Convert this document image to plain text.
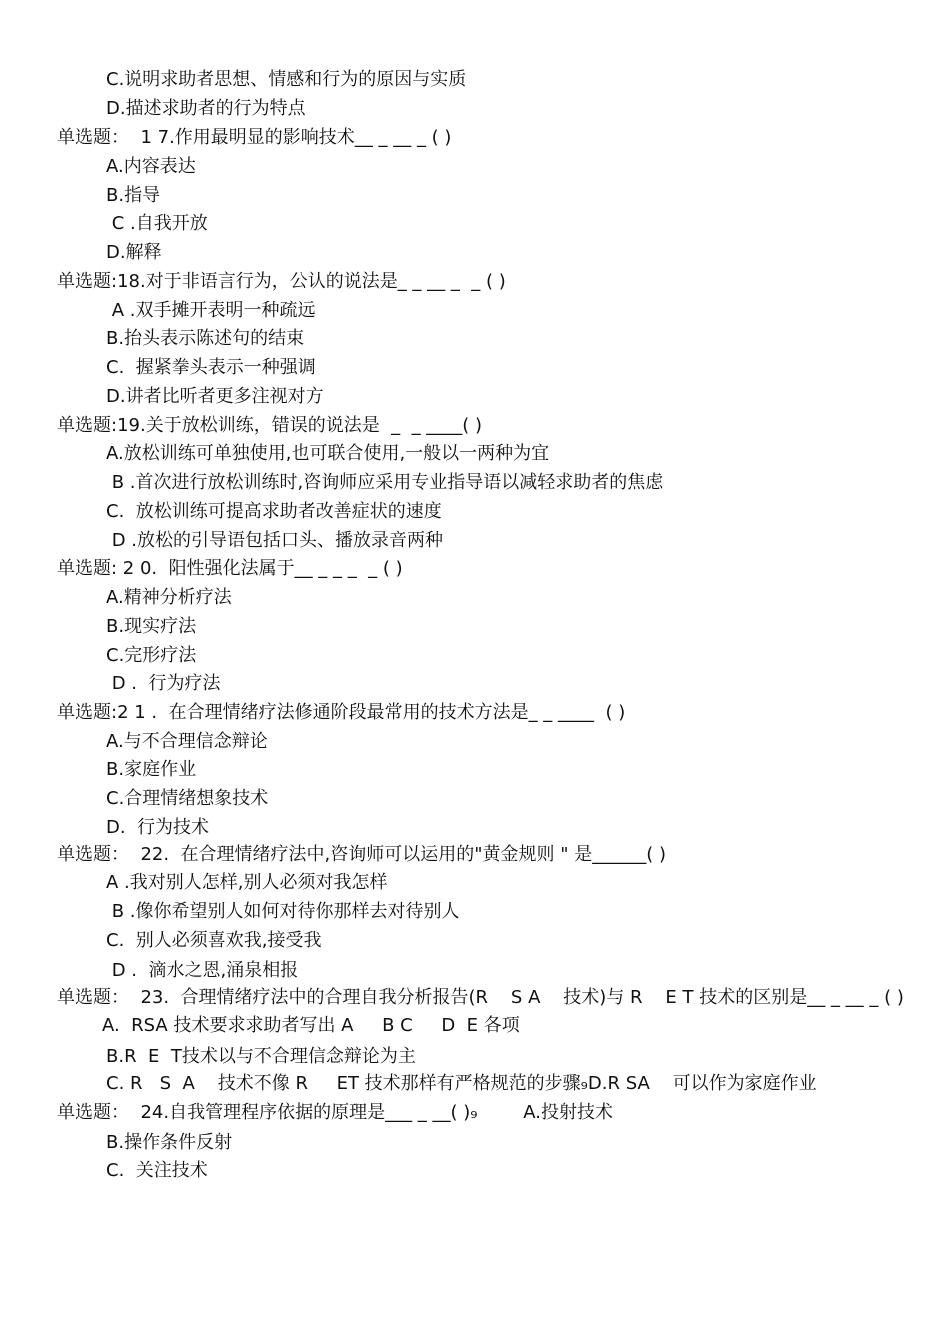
C.说明求助者思想、情感和行为的原因与实质
D.描述求助者的行为特点
单选题：  1 7.作用最明显的影响技术__ _ __ _ ( )
A.内容表达
B.指导
C .自我开放
D.解释
单选题:18.对于非语言行为，公认的说法是_ _ __ _  _ ( )
A .双手摊开表明一种疏远
B.抬头表示陈述句的结束
C.  握紧拳头表示一种强调
D.讲者比听者更多注视对方
单选题:19.关于放松训练，错误的说法是  _  _ ____( )
A.放松训练可单独使用,也可联合使用,一般以一两种为宜
B .首次进行放松训练时,咨询师应采用专业指导语以减轻求助者的焦虑
C.  放松训练可提高求助者改善症状的速度
D .放松的引导语包括口头、播放录音两种
单选题: 2 0.  阳性强化法属于__ _ _ _  _ ( )
A.精神分析疗法
B.现实疗法
C.完形疗法
D .  行为疗法
单选题:2 1 .  在合理情绪疗法修通阶段最常用的技术方法是_ _ ____  ( )
A.与不合理信念辩论
B.家庭作业
C.合理情绪想象技术
D.  行为技术
单选题：  22.  在合理情绪疗法中,咨询师可以运用的"黄金规则 " 是______( )
A .我对别人怎样,别人必须对我怎样
B .像你希望别人如何对待你那样去对待别人
C.  别人必须喜欢我,接受我
D .  滴水之恩,涌泉相报
单选题：  23.  合理情绪疗法中的合理自我分析报告(R    S A    技术)与 R    E T 技术的区别是__ _ __ _ ( )
A.  RSA 技术要求求助者写出 A     B C     D  E 各项
B.R  E  T技术以与不合理信念辩论为主
C. R   S  A    技术不像 R     ET 技术那样有严格规范的步骤₉D.R SA    可以作为家庭作业
单选题：  24.自我管理程序依据的原理是___ _ __( )₉        A.投射技术
B.操作条件反射
C.  关注技术
